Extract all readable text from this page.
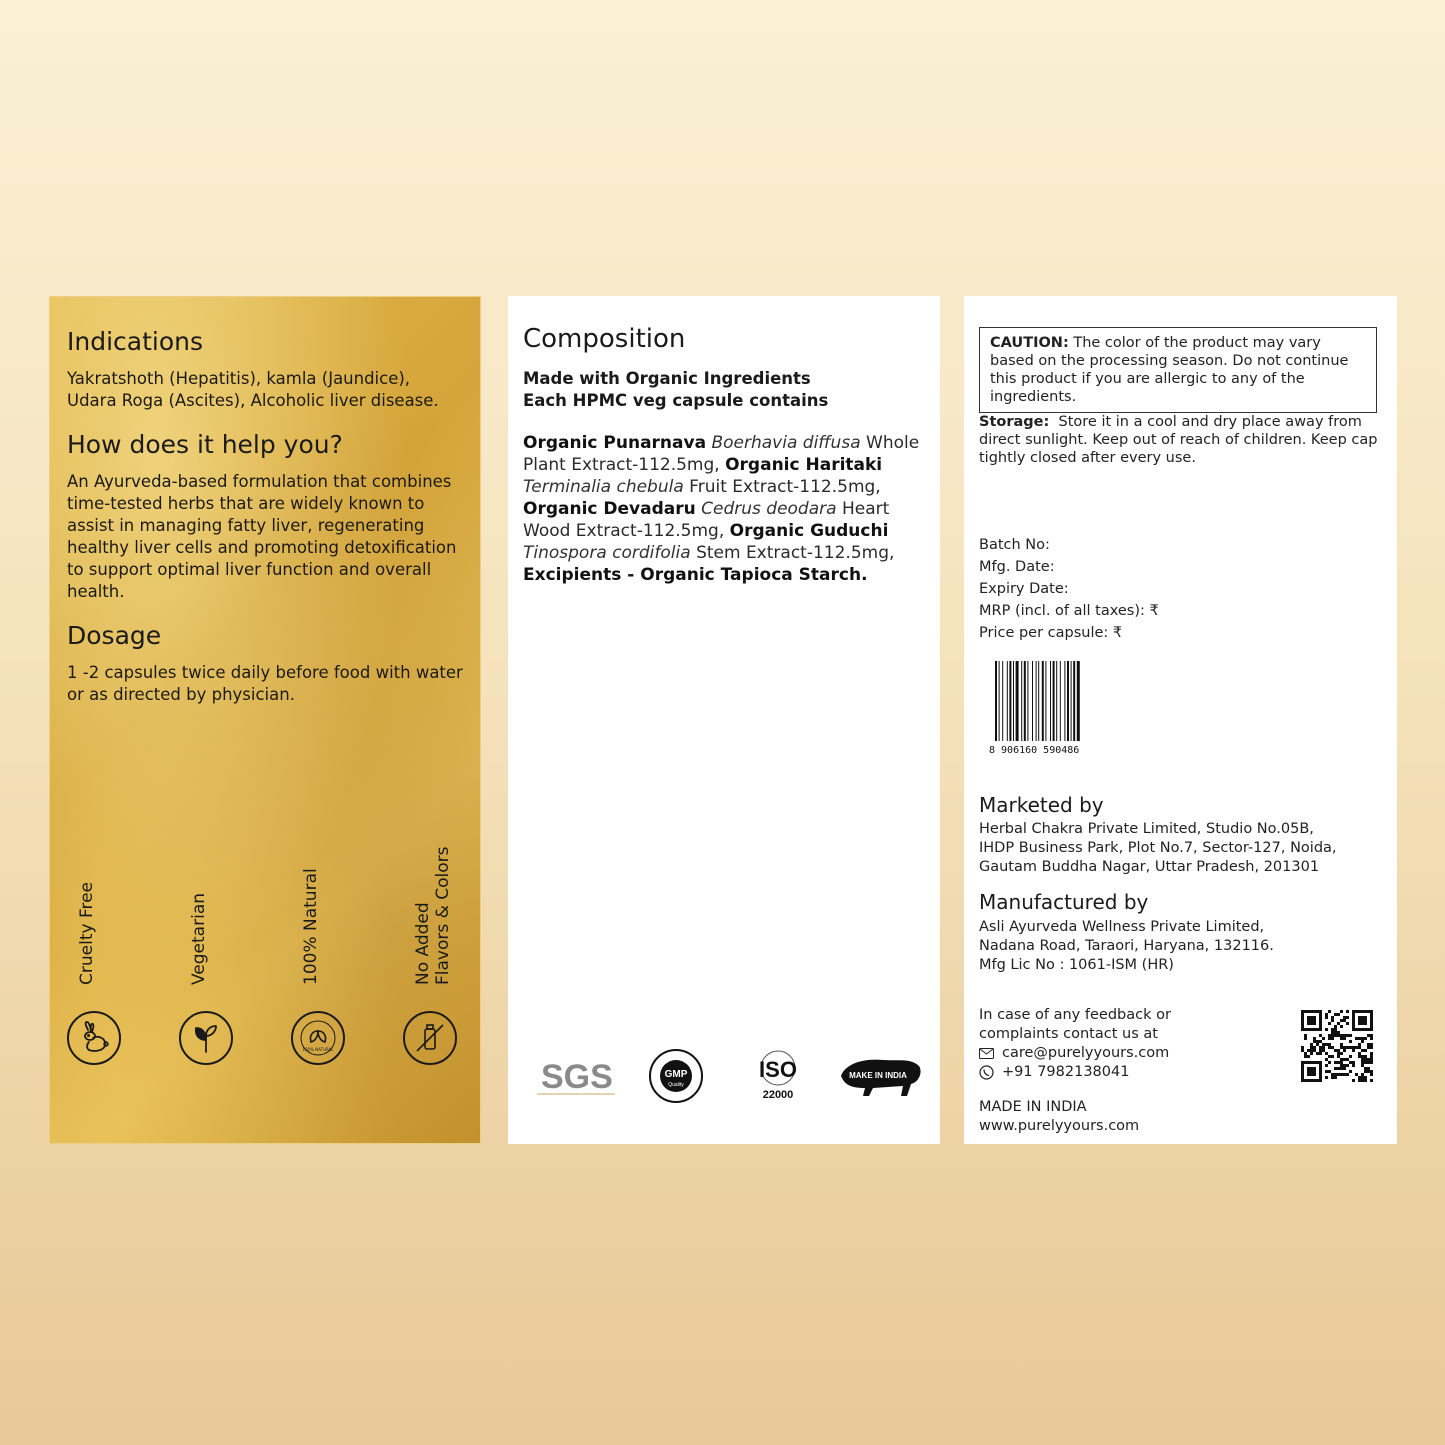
Indications

Yakratshoth (Hepatitis), kamla (Jaundice), Udara Roga (Ascites), Alcoholic liver disease.

How does it help you?

An Ayurveda-based formulation that combines time-tested herbs that are widely known to assist in managing fatty liver, regenerating healthy liver cells and promoting detoxification to support optimal liver function and overall health.

Dosage

1 -2 capsules twice daily before food with water or as directed by physician.

Cruelty Free	Vegetarian	100% Natural
100% NATURAL
No Added Flavors & Colors
Composition

Made with Organic Ingredients

Each HPMC veg capsule contains

Organic Punarnava Boerhavia diffusa Whole Plant Extract-112.5mg, Organic Haritaki Terminalia chebula Fruit Extract-112.5mg, Organic Devadaru Cedrus deodara Heart Wood Extract-112.5mg, Organic Guduchi Tinospora cordifolia Stem Extract-112.5mg, Excipients - Organic Tapioca Starch.
SGS	GMP
Quality
ISO
22000
MAKE IN INDIA
CAUTION: The color of the product may vary based on the processing season. Do not continue this product if you are allergic to any of the ingredients.
Storage: Store it in a cool and dry place away from direct sunlight. Keep out of reach of children. Keep cap tightly closed after every use.
Batch No:
Mfg. Date:
Expiry Date:
MRP (incl. of all taxes): ₹
Price per capsule: ₹
8 906160 590486
Marketed by
Herbal Chakra Private Limited, Studio No.05B,
IHDP Business Park, Plot No.7, Sector-127, Noida,
Gautam Buddha Nagar, Uttar Pradesh, 201301
Manufactured by
Asli Ayurveda Wellness Private Limited,
Nadana Road, Taraori, Haryana, 132116.
Mfg Lic No : 1061-ISM (HR)
In case of any feedback or
complaints contact us at
care@purelyyours.com
+91 7982138041
MADE IN INDIA
www.purelyyours.com
